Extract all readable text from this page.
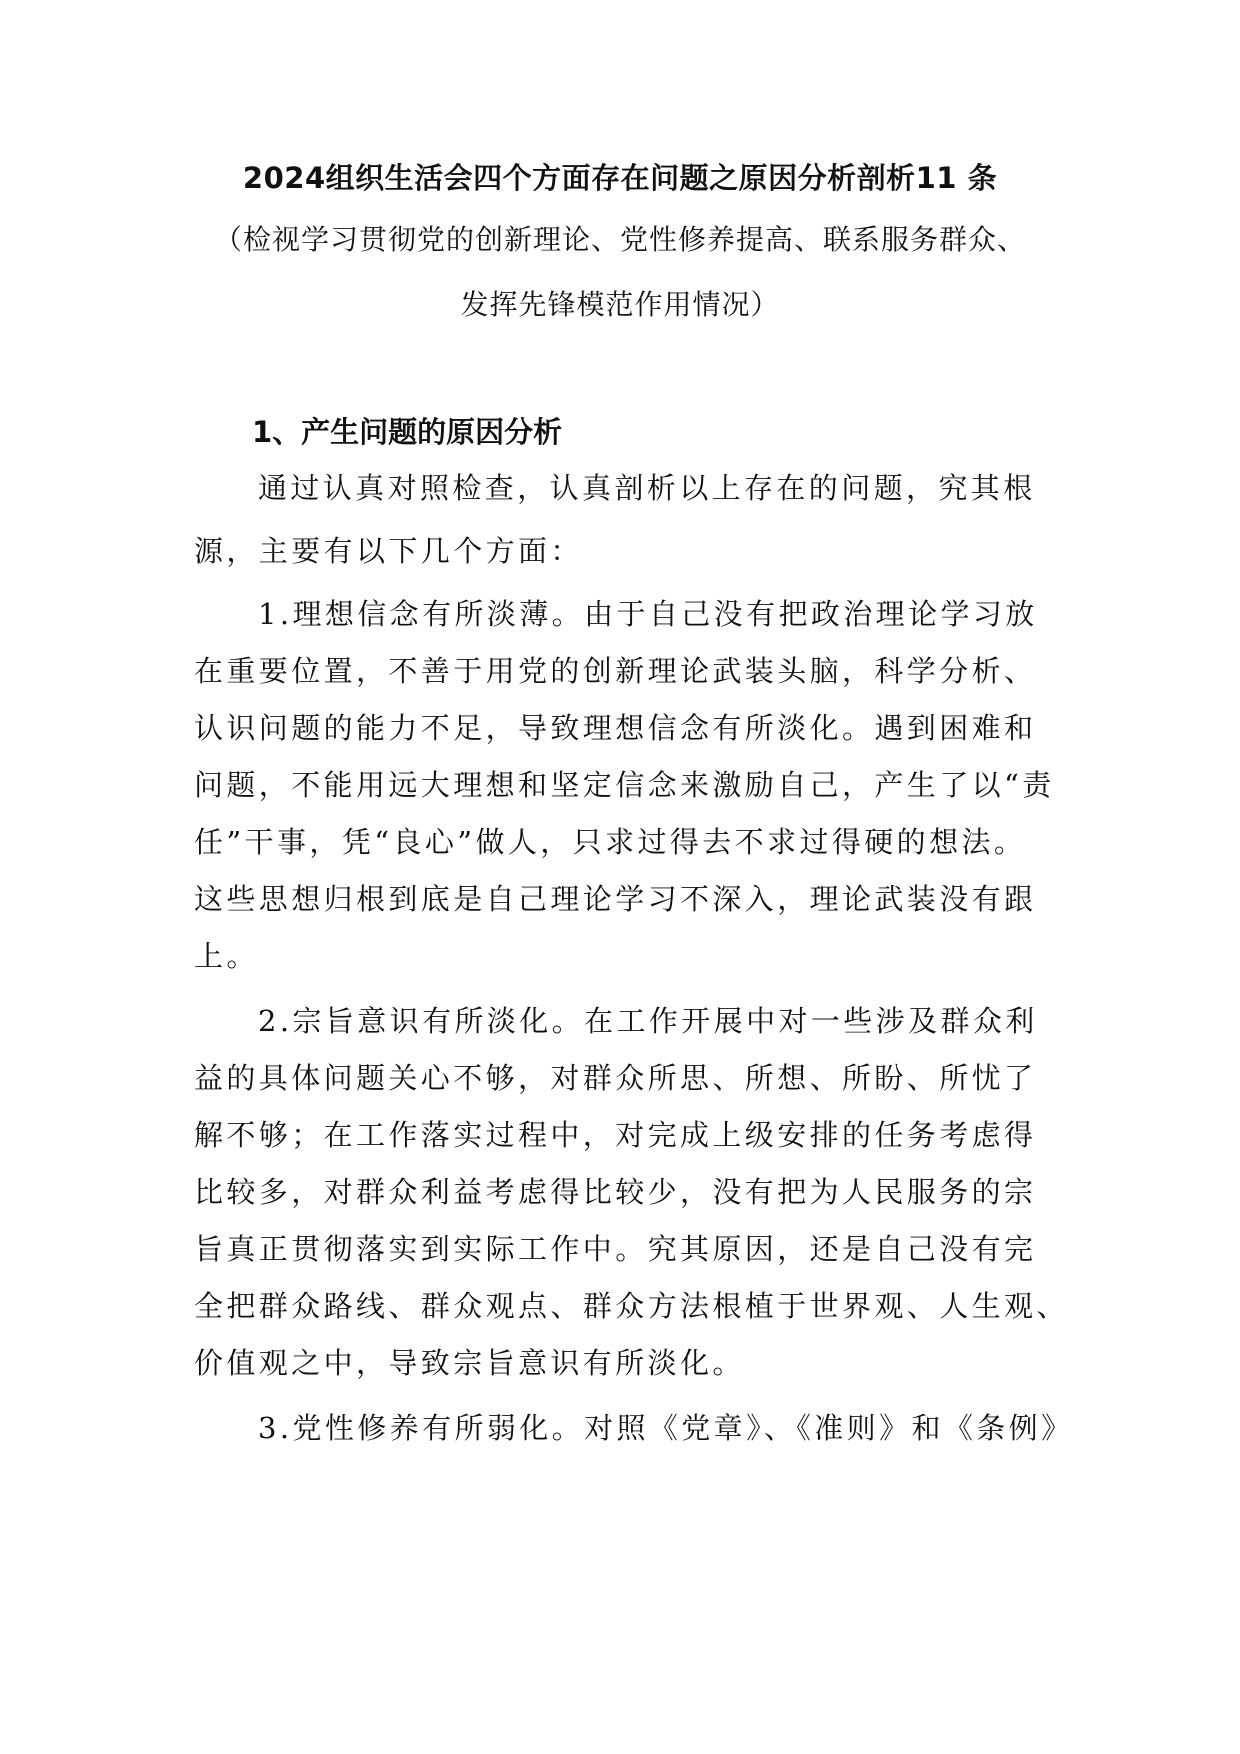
2024组织生活会四个方面存在问题之原因分析剖析11 条
（检视学习贯彻党的创新理论、党性修养提高、联系服务群众、
发挥先锋模范作用情况）
1、产生问题的原因分析
通过认真对照检查，认真剖析以上存在的问题，究其根
源，主要有以下几个方面：
1.理想信念有所淡薄。由于自己没有把政治理论学习放
在重要位置，不善于用党的创新理论武装头脑，科学分析、
认识问题的能力不足，导致理想信念有所淡化。遇到困难和
问题，不能用远大理想和坚定信念来激励自己，产生了以“责
任”干事，凭“良心”做人，只求过得去不求过得硬的想法。
这些思想归根到底是自己理论学习不深入，理论武装没有跟
上。
2.宗旨意识有所淡化。在工作开展中对一些涉及群众利
益的具体问题关心不够，对群众所思、所想、所盼、所忧了
解不够；在工作落实过程中，对完成上级安排的任务考虑得
比较多，对群众利益考虑得比较少，没有把为人民服务的宗
旨真正贯彻落实到实际工作中。究其原因，还是自己没有完
全把群众路线、群众观点、群众方法根植于世界观、人生观、
价值观之中，导致宗旨意识有所淡化。
3.党性修养有所弱化。对照《党章》、《准则》和《条例》
